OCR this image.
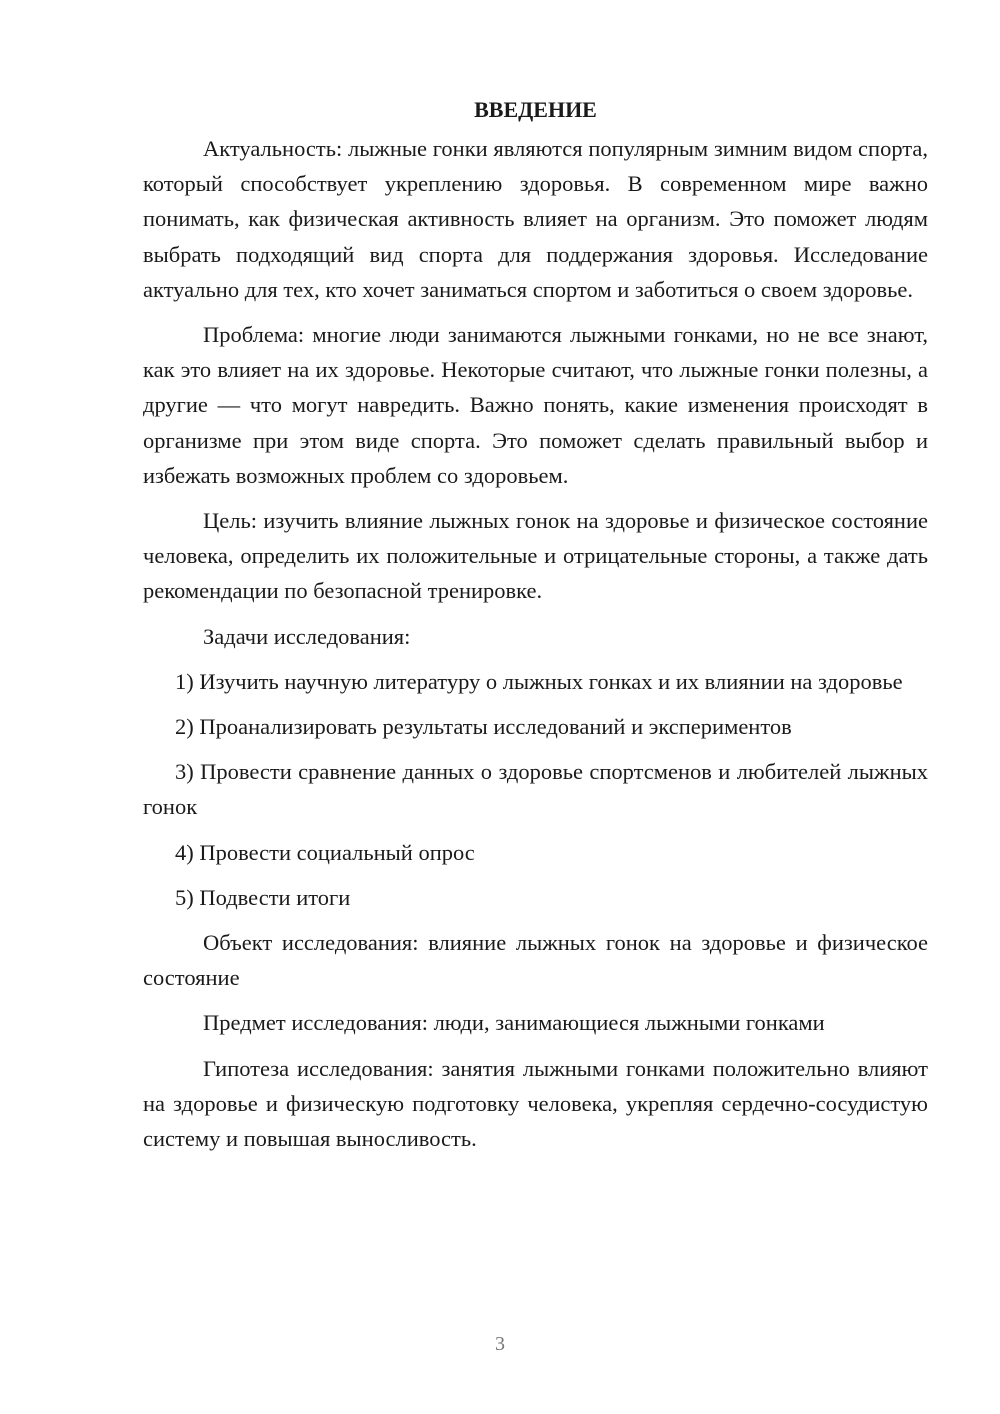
ВВЕДЕНИЕ

Актуальность: лыжные гонки являются популярным зимним видом спорта, который способствует укреплению здоровья. В современном мире важно понимать, как физическая активность влияет на организм. Это поможет людям выбрать подходящий вид спорта для поддержания здоровья. Исследование актуально для тех, кто хочет заниматься спортом и заботиться о своем здоровье.

Проблема: многие люди занимаются лыжными гонками, но не все знают, как это влияет на их здоровье. Некоторые считают, что лыжные гонки полезны, а другие — что могут навредить. Важно понять, какие изменения происходят в организме при этом виде спорта. Это поможет сделать правильный выбор и избежать возможных проблем со здоровьем.

Цель: изучить влияние лыжных гонок на здоровье и физическое состояние человека, определить их положительные и отрицательные стороны, а также дать рекомендации по безопасной тренировке.

Задачи исследования:

1) Изучить научную литературу о лыжных гонках и их влиянии на здоровье

2) Проанализировать результаты исследований и экспериментов

3) Провести сравнение данных о здоровье спортсменов и любителей лыжных гонок

4) Провести социальный опрос

5) Подвести итоги

Объект исследования: влияние лыжных гонок на здоровье и физическое состояние

Предмет исследования: люди, занимающиеся лыжными гонками

Гипотеза исследования: занятия лыжными гонками положительно влияют на здоровье и физическую подготовку человека, укрепляя сердечно-сосудистую систему и повышая выносливость.

3
